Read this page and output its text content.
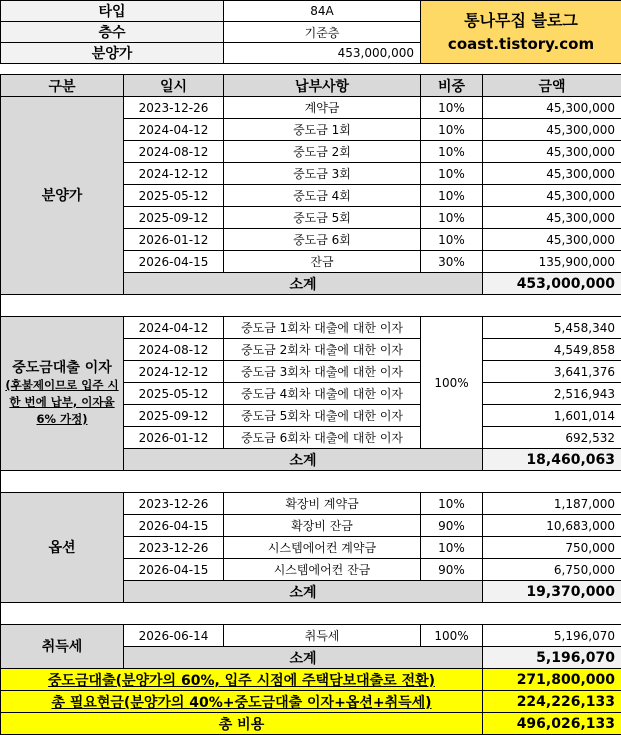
타입	84A	통나무집 블로그
coast.tistory.com

층수	기준층	
분양가	453,000,000	
구분	일시	납부사항	비중	금액
분양가	2023-12-26	계약금	10%	45,300,000
	2024-04-12	중도금 1회	10%	45,300,000
	2024-08-12	중도금 2회	10%	45,300,000
	2024-12-12	중도금 3회	10%	45,300,000
	2025-05-12	중도금 4회	10%	45,300,000
	2025-09-12	중도금 5회	10%	45,300,000
	2026-01-12	중도금 6회	10%	45,300,000
	2026-04-15	잔금	30%	135,900,000
	소계			453,000,000

중도금대출 이자
(후불제이므로 입주 시 한 번에 납부, 이자율 6% 가정)	2024-04-12	중도금 1회차 대출에 대한 이자	100%	5,458,340
	2024-08-12	중도금 2회차 대출에 대한 이자		4,549,858
	2024-12-12	중도금 3회차 대출에 대한 이자		3,641,376
	2025-05-12	중도금 4회차 대출에 대한 이자		2,516,943
	2025-09-12	중도금 5회차 대출에 대한 이자		1,601,014
	2026-01-12	중도금 6회차 대출에 대한 이자		692,532
	소계			18,460,063

옵션	2023-12-26	확장비 계약금	10%	1,187,000
	2026-04-15	확장비 잔금	90%	10,683,000
	2023-12-26	시스템에어컨 계약금	10%	750,000
	2026-04-15	시스템에어컨 잔금	90%	6,750,000
	소계			19,370,000

취득세	2026-06-14	취득세	100%	5,196,070
	소계			5,196,070
중도금대출(분양가의 60%, 입주 시점에 주택담보대출로 전환)				271,800,000
총 필요현금(분양가의 40%+중도금대출 이자+옵션+취득세)				224,226,133
총 비용				496,026,133
